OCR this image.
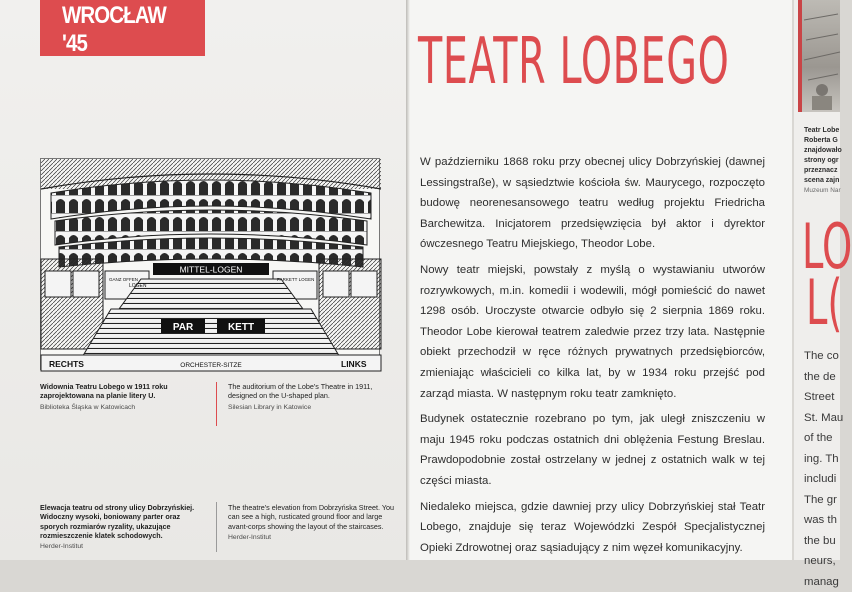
WROCŁAW '45
MITTEL-LOGEN
PAR	KETT
LOGEN
PARKETT LOGEN
GANZ OFFEN
RECHTS	ORCHESTER-SITZE	LINKS
Widownia Teatru Lobego w 1911 roku zaprojektowana na planie litery U.
Biblioteka Śląska w Katowicach
The auditorium of the Lobe's Theatre in 1911, designed on the U-shaped plan.
Silesian Library in Katowice
Elewacja teatru od strony ulicy Dobrzyńskiej. Widoczny wysoki, boniowany parter oraz sporych rozmiarów ryzality, ukazujące rozmieszczenie klatek schodowych.
Herder-Institut
The theatre's elevation from Dobrzyńska Street. You can see a high, rusticated ground floor and large avant-corps showing the layout of the staircases.
Herder-Institut
TEATR LOBEGO

W październiku 1868 roku przy obecnej ulicy Dobrzyńskiej (dawnej Lessingstraße), w sąsiedztwie kościoła św. Maurycego, rozpoczęto budowę neorenesansowego teatru według projektu Friedricha Barchewitza. Inicjatorem przedsięwzięcia był aktor i dyrektor ówczesnego Teatru Miejskiego, Theodor Lobe.

Nowy teatr miejski, powstały z myślą o wystawianiu utworów rozrywkowych, m.in. komedii i wodewili, mógł pomieścić do nawet 1298 osób. Uroczyste otwarcie odbyło się 2 sierpnia 1869 roku. Theodor Lobe kierował teatrem zaledwie przez trzy lata. Następnie obiekt przechodził w ręce różnych prywatnych przedsiębiorców, zmieniając właścicieli co kilka lat, by w 1934 roku przejść pod zarząd miasta. W następnym roku teatr zamknięto.

Budynek ostatecznie rozebrano po tym, jak uległ zniszczeniu w maju 1945 roku podczas ostatnich dni oblężenia Festung Breslau. Prawdopodobnie został ostrzelany w jednej z ostatnich walk w tej części miasta.

Niedaleko miejsca, gdzie dawniej przy ulicy Dobrzyńskiej stał Teatr Lobego, znajduje się teraz Wojewódzki Zespół Specjalistycznej Opieki Zdrowotnej oraz sąsiadujący z nim węzeł komunikacyjny.

Teatr Lobe
Roberta G
znajdowało
strony ogr
przeznacz
scena zajn
Muzeum Nar
LO
L(
The co
the de
Street
St. Mau
of the
ing. Th
includi
The gr
was th
the bu
neurs,
manag
